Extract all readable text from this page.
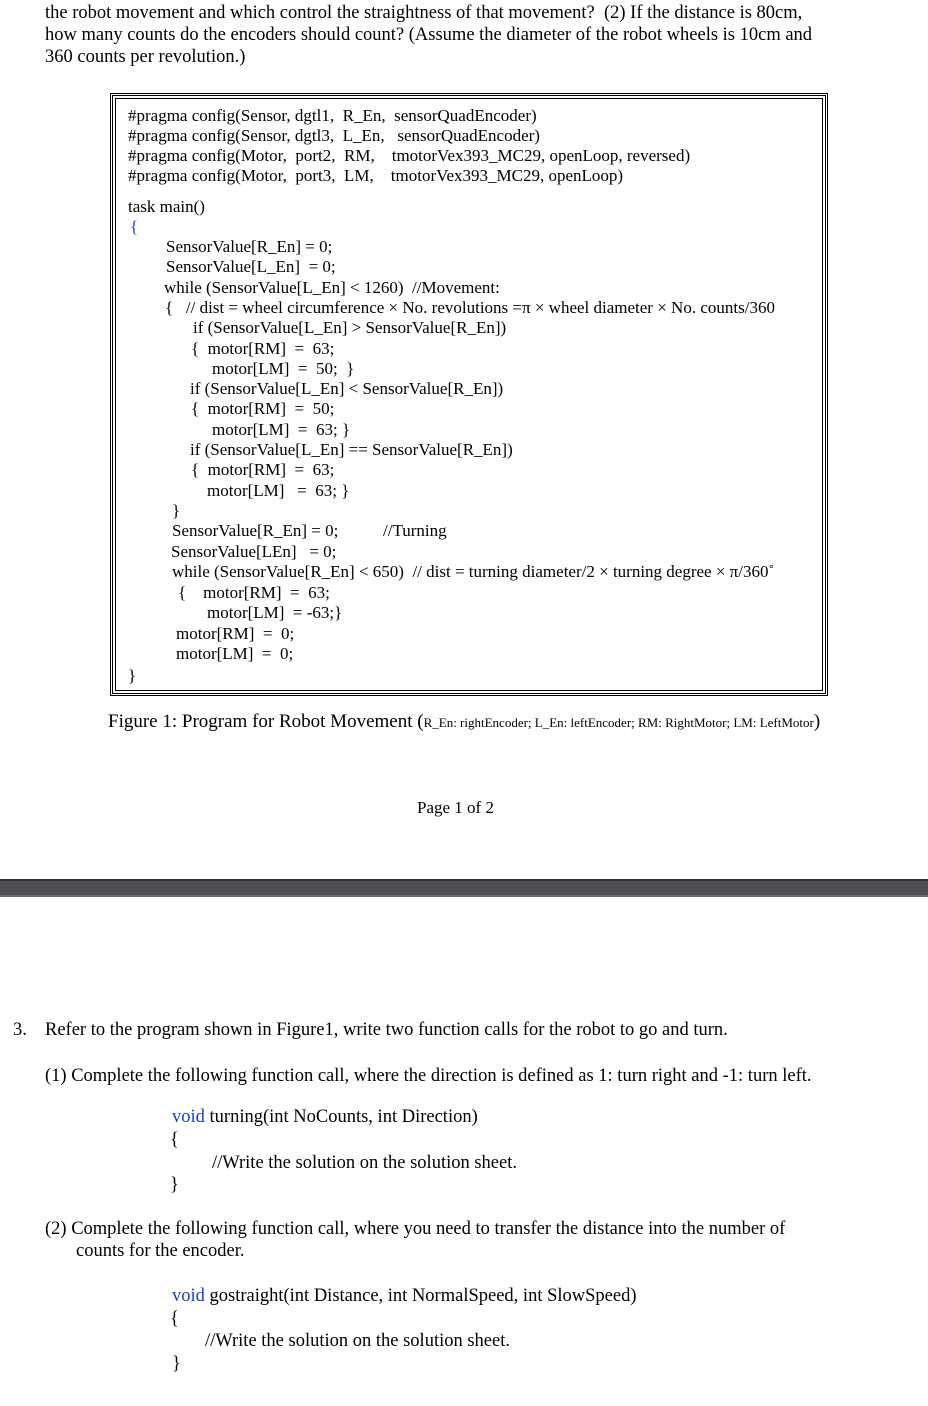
the robot movement and which control the straightness of that movement?  (2) If the distance is 80cm,
how many counts do the encoders should count? (Assume the diameter of the robot wheels is 10cm and
360 counts per revolution.)
#pragma config(Sensor, dgtl1,  R_En,  sensorQuadEncoder)
#pragma config(Sensor, dgtl3,  L_En,   sensorQuadEncoder)
#pragma config(Motor,  port2,  RM,    tmotorVex393_MC29, openLoop, reversed)
#pragma config(Motor,  port3,  LM,    tmotorVex393_MC29, openLoop)
task main()
{
SensorValue[R_En] = 0;
SensorValue[L_En]  = 0;
while (SensorValue[L_En] < 1260)  //Movement:
{   // dist = wheel circumference × No. revolutions =π × wheel diameter × No. counts/360
if (SensorValue[L_En] > SensorValue[R_En])
{  motor[RM]  =  63;
motor[LM]  =  50;  }
if (SensorValue[L_En] < SensorValue[R_En])
{  motor[RM]  =  50;
motor[LM]  =  63; }
if (SensorValue[L_En] == SensorValue[R_En])
{  motor[RM]  =  63;
motor[LM]   =  63; }
}
SensorValue[R_En] = 0;	//Turning
SensorValue[LEn]   = 0;
while (SensorValue[R_En] < 650)  // dist = turning diameter/2 × turning degree × π/360˚
{    motor[RM]  =  63;
motor[LM]  = -63;}
motor[RM]  =  0;
motor[LM]  =  0;
}
Figure 1: Program for Robot Movement (R_En: rightEncoder; L_En: leftEncoder; RM: RightMotor; LM: LeftMotor)
Page 1 of 2
3. Refer to the program shown in Figure1, write two function calls for the robot to go and turn.
(1) Complete the following function call, where the direction is defined as 1: turn right and -1: turn left.
void turning(int NoCounts, int Direction)
{
//Write the solution on the solution sheet.
}
(2) Complete the following function call, where you need to transfer the distance into the number of
counts for the encoder.
void gostraight(int Distance, int NormalSpeed, int SlowSpeed)
{
//Write the solution on the solution sheet.
}
